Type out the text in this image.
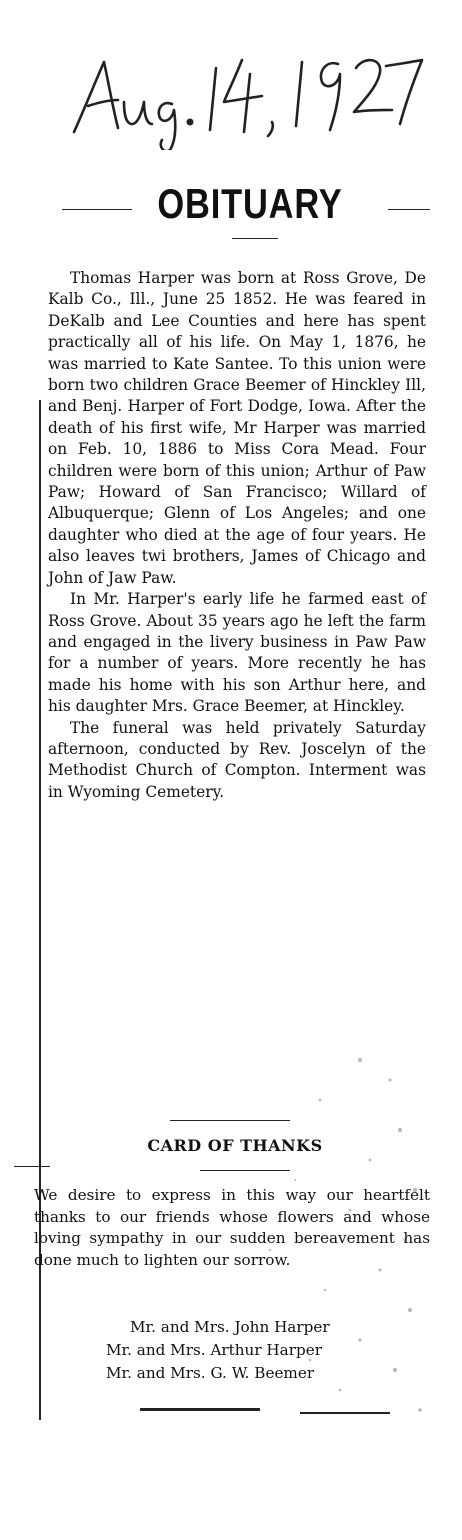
OBITUARY

Thomas Harper was born at Ross Grove, De Kalb Co., Ill., June 25 1852. He was feared in DeKalb and Lee Counties and here has spent practically all of his life. On May 1, 1876, he was married to Kate Santee. To this union were born two children Grace Beemer of Hinckley Ill, and Benj. Harper of Fort Dodge, Iowa. After the death of his first wife, Mr Harper was married on Feb. 10, 1886 to Miss Cora Mead. Four children were born of this union; Arthur of Paw Paw; Howard of San Francisco; Willard of Albuquerque; Glenn of Los Angeles; and one daughter who died at the age of four years. He also leaves twi brothers, James of Chicago and John of Jaw Paw.

In Mr. Harper's early life he farmed east of Ross Grove. About 35 years ago he left the farm and engaged in the livery business in Paw Paw for a number of years. More recently he has made his home with his son Arthur here, and his daughter Mrs. Grace Beemer, at Hinckley.

The funeral was held privately Saturday afternoon, conducted by Rev. Joscelyn of the Methodist Church of Compton. Interment was in Wyoming Cemetery.

CARD OF THANKS
We desire to express in this way our heartfelt thanks to our friends whose flowers and whose loving sympathy in our sudden bereavement has done much to lighten our sorrow.
Mr. and Mrs. John Harper
Mr. and Mrs. Arthur Harper
Mr. and Mrs. G. W. Beemer
